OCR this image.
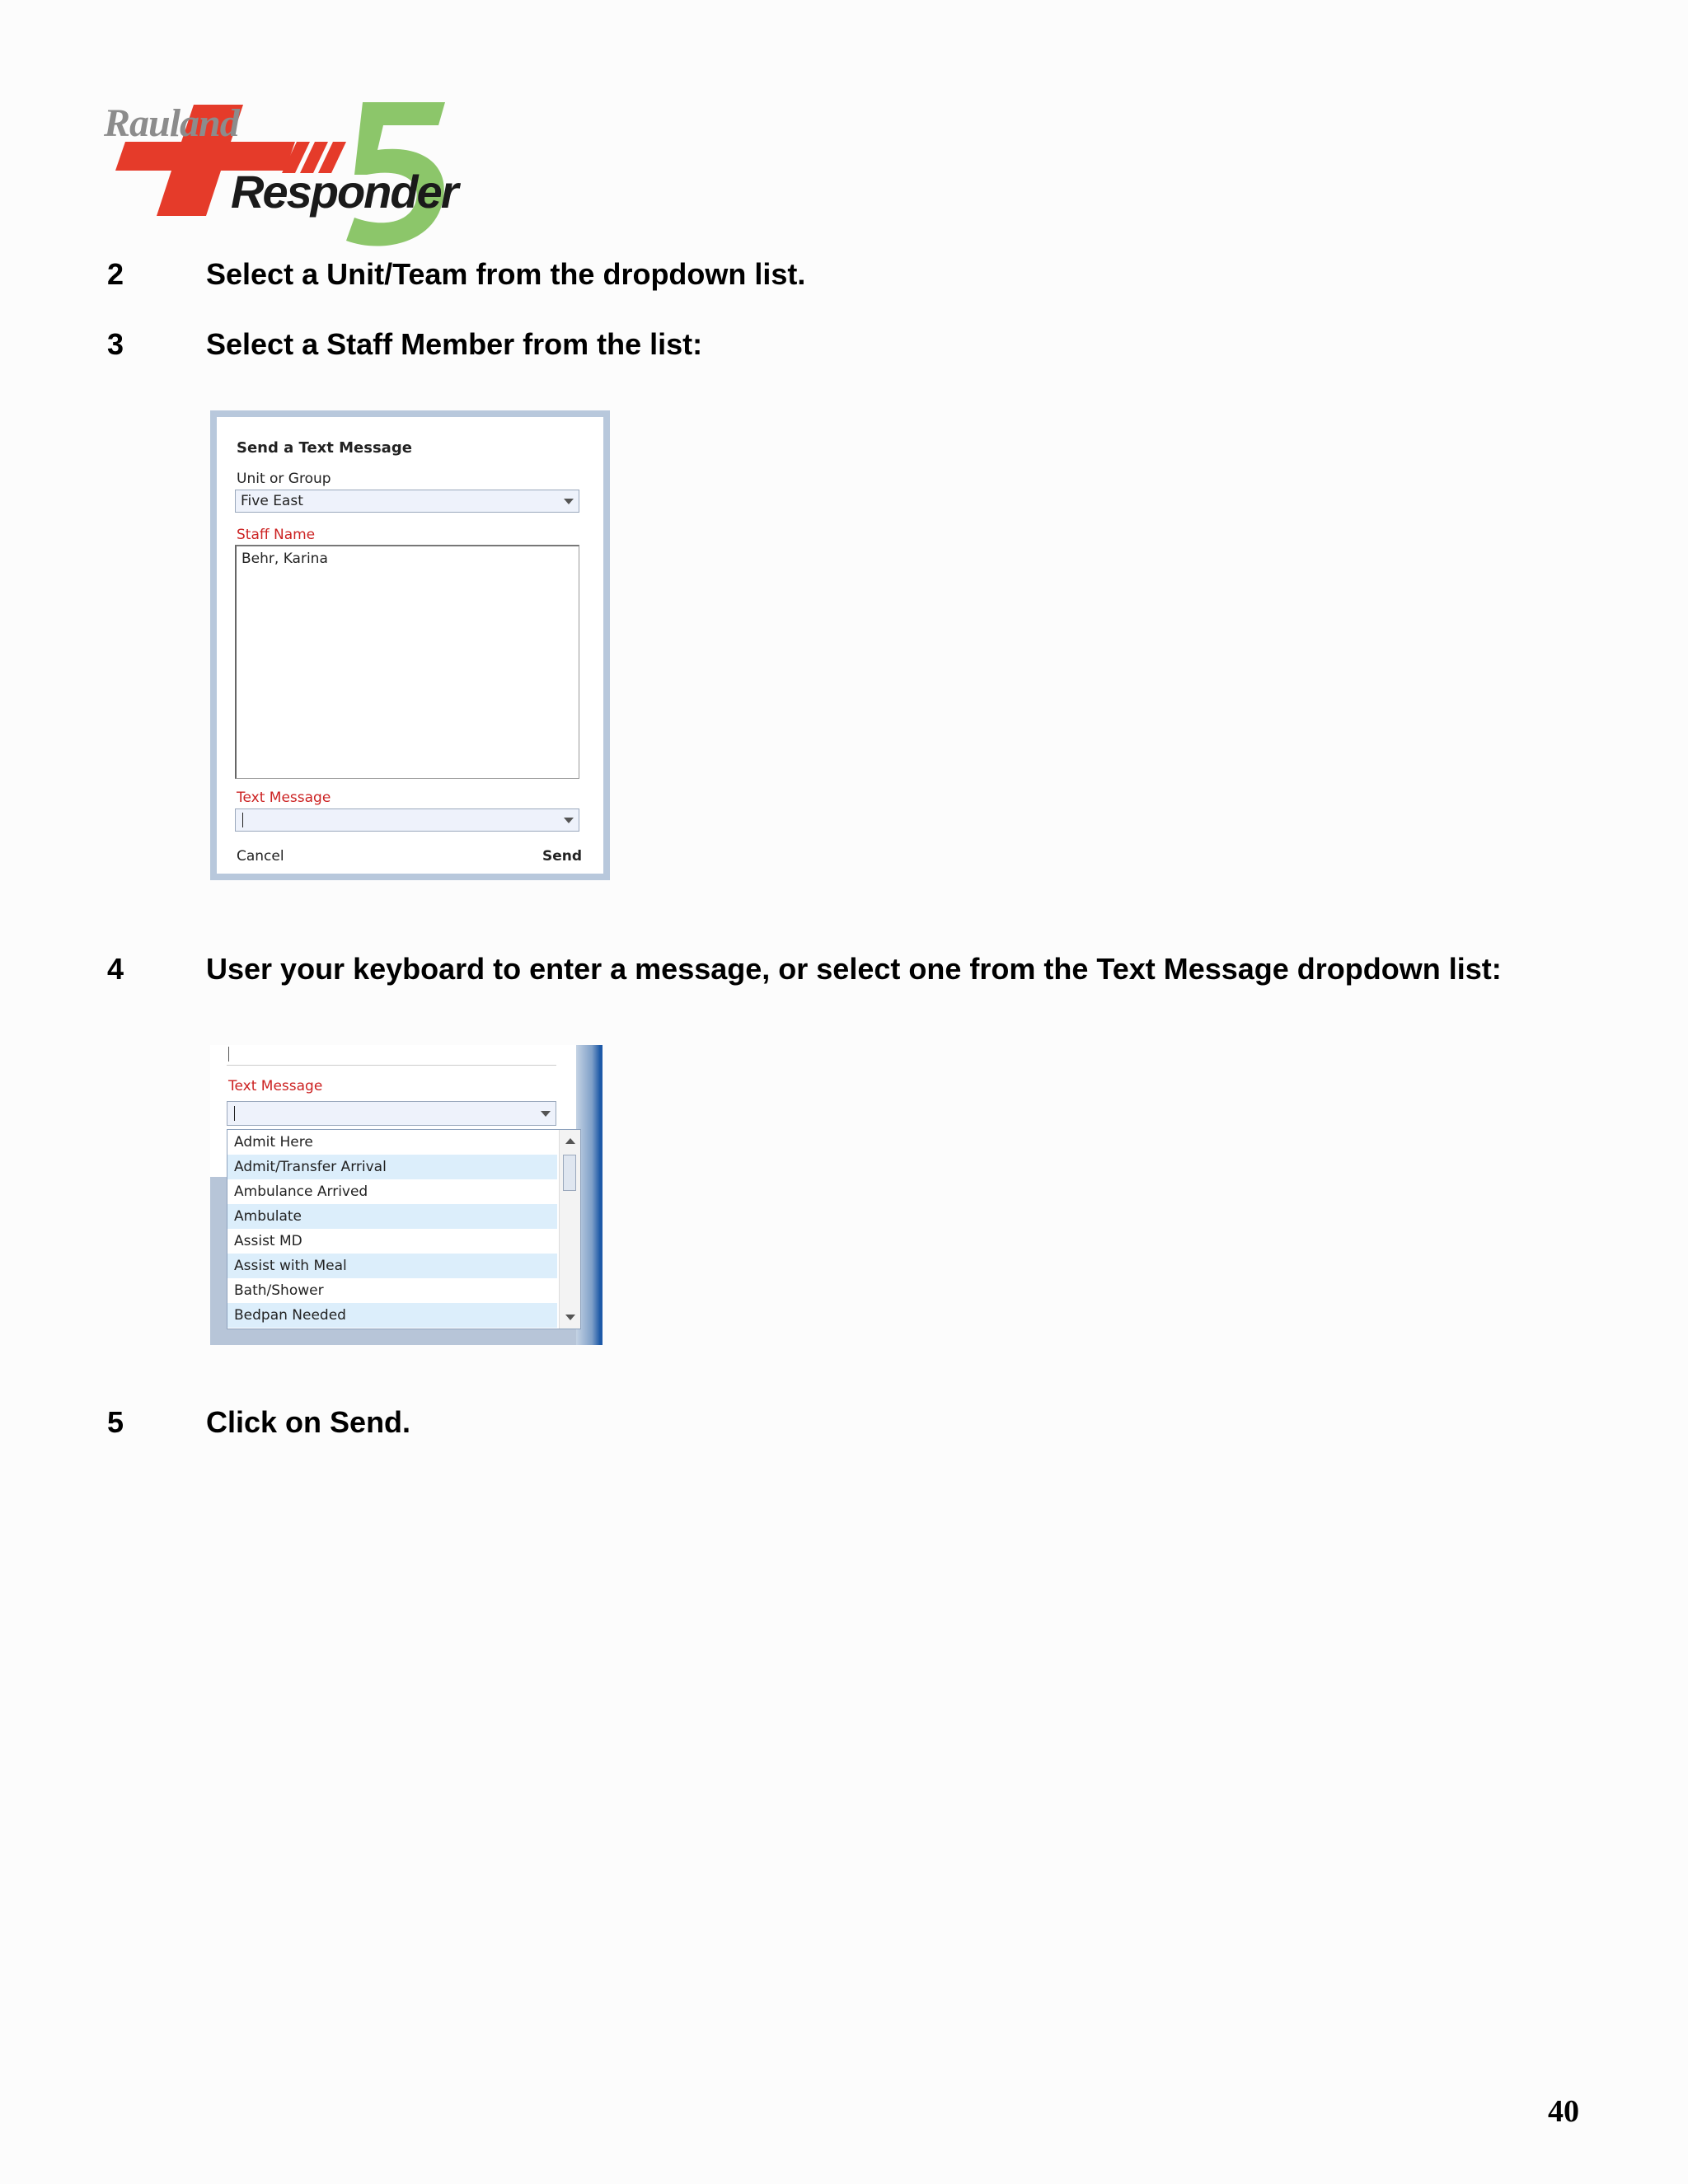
Rauland
Responder
2	Select a Unit/Team from the dropdown list.
3	Select a Staff Member from the list:
Send a Text Message
Unit or Group
Five East
Staff Name
Behr, Karina
Text Message
Cancel	Send
4	User your keyboard to enter a message, or select one from the Text Message dropdown list:
Text Message
Admit Here
Admit/Transfer Arrival
Ambulance Arrived
Ambulate
Assist MD
Assist with Meal
Bath/Shower
Bedpan Needed
5	Click on Send.
40
